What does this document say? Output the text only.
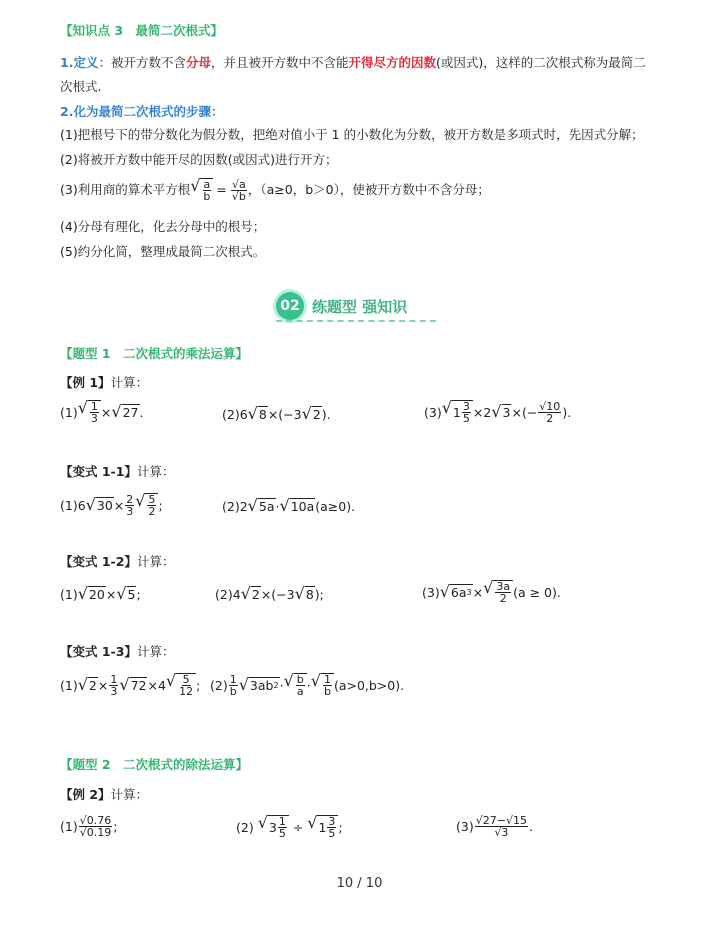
【知识点 3　最简二次根式】
1.定义：被开方数不含分母，并且被开方数中不含能开得尽方的因数(或因式)，这样的二次根式称为最简二
次根式.
2.化为最简二次根式的步骤：
(1)把根号下的带分数化为假分数，把绝对值小于 1 的小数化为分数，被开方数是多项式时，先因式分解；
(2)将被开方数中能开尽的因数(或因式)进行开方；
(3)利用商的算术平方根 √ $\frac{a}{b} = \frac{√a}{√b}$ ，（a≥0，b＞0），使被开方数中不含分母；
(4)分母有理化，化去分母中的根号；
(5)约分化简，整理成最简二次根式。
02 练题型 强知识
【题型 1　二次根式的乘法运算】
【例 1】计算：
(1) √ $\frac{1}{3}$ × √ 27 .	(2)6 √ 8 ×(−3 √ 2 ).	(3) √ $1 \frac{3}{5} \times 2$ √ 3 ×(− $\frac{√10}{2}$ ).
【变式 1-1】计算：
(1)6 √ $30 \times \frac{2}{3}$ √ $\frac{5}{2}$ ;	(2)2 √ 5a · √ 10a (a≥0).
【变式 1-2】计算：
(1) √ 20 × √ 5 ;	(2)4 √ 2 ×(−3 √ 8 );	(3) √ 6a 3 × √ $\frac{3a}{2} (a \ge 0)$.
【变式 1-3】计算：
(1) √ $2 \times \frac{1}{3}$ √ 72 ×4 √ $\frac{5}{12}$ ; $(2) \frac{1}{b}$ √ 3ab 2 · √ $\frac{b}{a}$ · √ $\frac{1}{b} (a>0,b>0)$.
【题型 2　二次根式的除法运算】
【例 2】计算：
$(1) \frac{√0.76}{√0.19}$ ;	(2) √ $3 \frac{1}{5}$ ÷ √ $1 \frac{3}{5}$ ;	$(3) \frac{√27-√15}{√3}$ .
10 / 10
